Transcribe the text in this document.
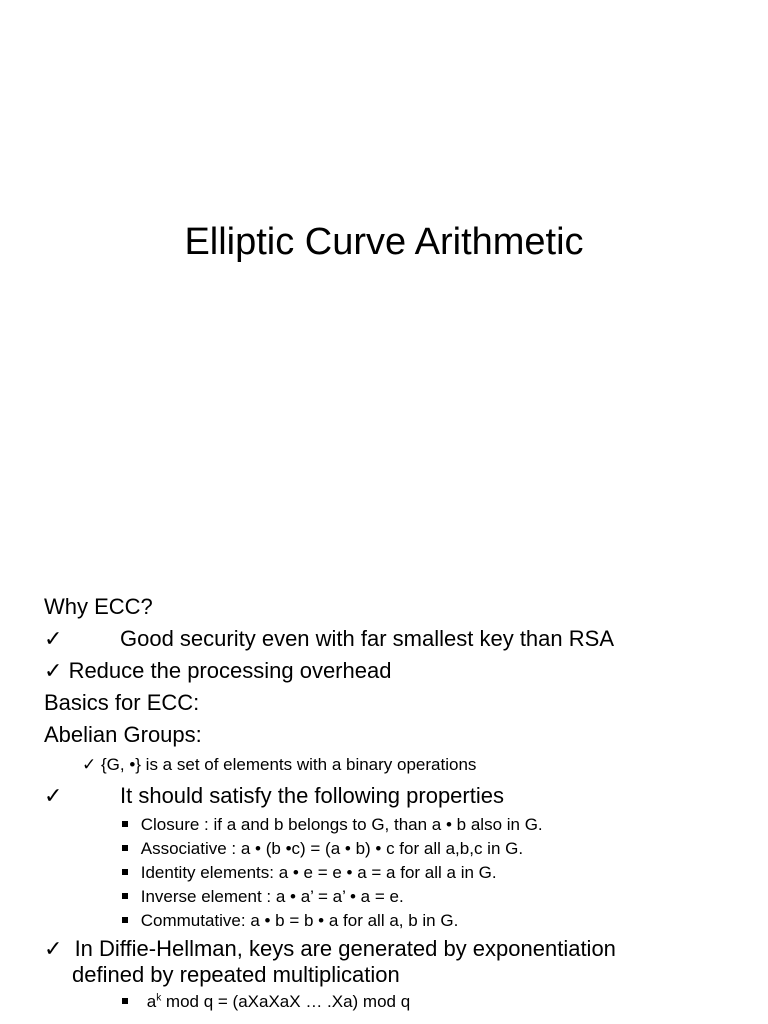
Elliptic Curve Arithmetic
Why ECC?
✓	Good security even with far smallest key than RSA
✓ Reduce the processing overhead
Basics for ECC:
Abelian Groups:
✓ {G, •} is a set of elements with a binary operations
✓	It should satisfy the following properties
Closure : if a and b belongs to G, than a • b also in G.
Associative : a • (b •c) = (a • b) • c for all a,b,c in G.
Identity elements: a • e = e • a = a for all a in G.
Inverse element : a • a’ = a’ • a = e.
Commutative: a • b = b • a for all a, b in G.
✓ In Diffie-Hellman, keys are generated by exponentiation
defined by repeated multiplication
$a^k$ mod q = (aXaXaX … .Xa) mod q
